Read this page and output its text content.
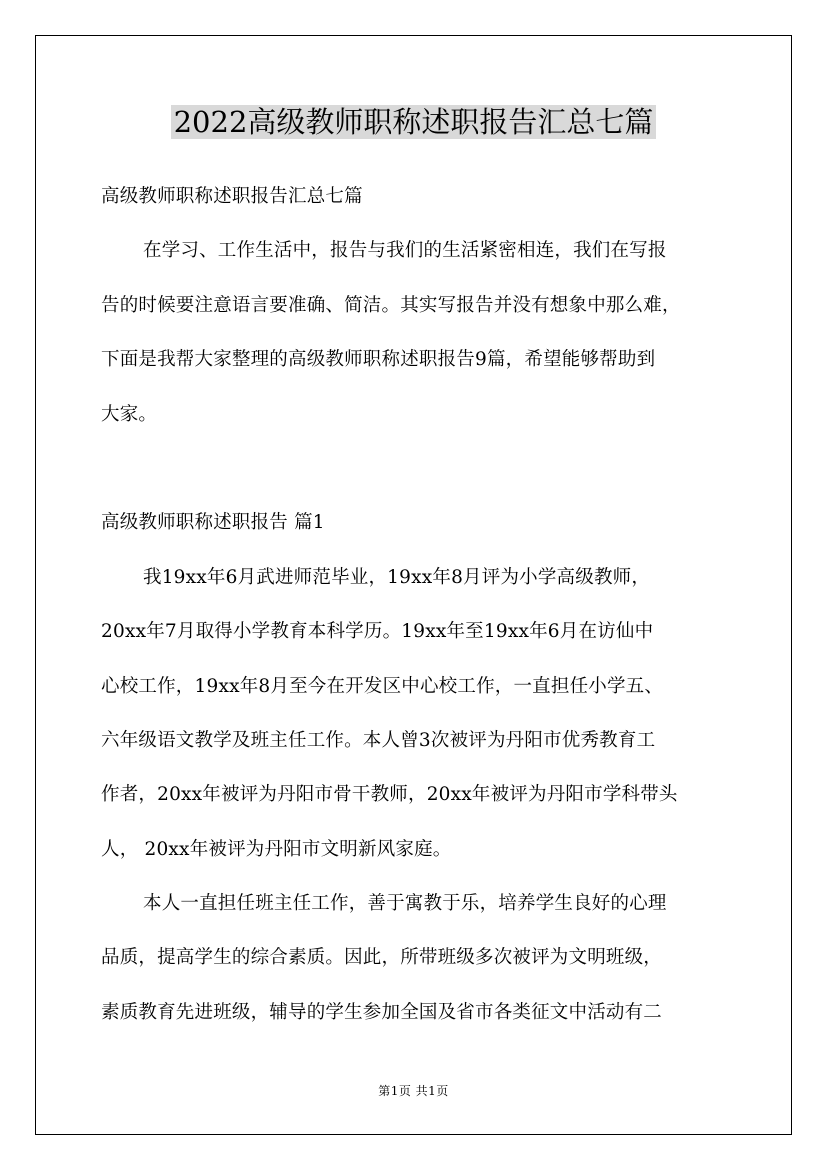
2022高级教师职称述职报告汇总七篇
高级教师职称述职报告汇总七篇
在学习、工作生活中，报告与我们的生活紧密相连，我们在写报
告的时候要注意语言要准确、简洁。其实写报告并没有想象中那么难，
下面是我帮大家整理的高级教师职称述职报告9篇，希望能够帮助到
大家。
高级教师职称述职报告 篇1
我19xx年6月武进师范毕业，19xx年8月评为小学高级教师，
20xx年7月取得小学教育本科学历。19xx年至19xx年6月在访仙中
心校工作，19xx年8月至今在开发区中心校工作，一直担任小学五、
六年级语文教学及班主任工作。本人曾3次被评为丹阳市优秀教育工
作者，20xx年被评为丹阳市骨干教师，20xx年被评为丹阳市学科带头
人， 20xx年被评为丹阳市文明新风家庭。
本人一直担任班主任工作，善于寓教于乐，培养学生良好的心理
品质，提高学生的综合素质。因此，所带班级多次被评为文明班级，
素质教育先进班级，辅导的学生参加全国及省市各类征文中活动有二
第1页 共1页
